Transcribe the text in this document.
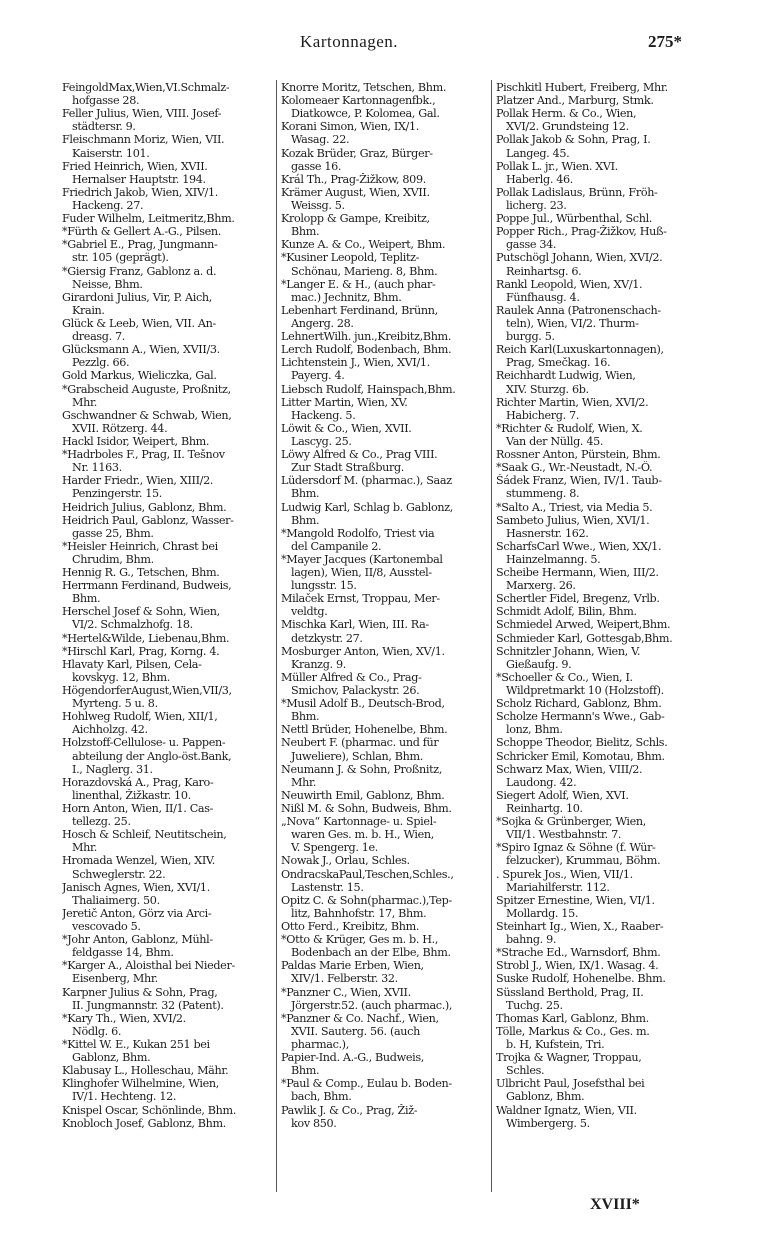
Kartonnagen.	275*
FeingoldMax,Wien,VI.Schmalz-
hofgasse 28.
Feller Julius, Wien, VIII. Josef-
städtersr. 9.
Fleischmann Moriz, Wien, VII.
Kaiserstr. 101.
Fried Heinrich, Wien, XVII.
Hernalser Hauptstr. 194.
Friedrich Jakob, Wien, XIV/1.
Hackeng. 27.
Fuder Wilhelm, Leitmeritz,Bhm.
*Fürth & Gellert A.-G., Pilsen.
*Gabriel E., Prag, Jungmann-
str. 105 (geprägt).
*Giersig Franz, Gablonz a. d.
Neisse, Bhm.
Girardoni Julius, Vir, P. Aich,
Krain.
Glück & Leeb, Wien, VII. An-
dreasg. 7.
Glücksmann A., Wien, XVII/3.
Pezzlg. 66.
Gold Markus, Wieliczka, Gal.
*Grabscheid Auguste, Proßnitz,
Mhr.
Gschwandner & Schwab, Wien,
XVII. Rötzerg. 44.
Hackl Isidor, Weipert, Bhm.
*Hadrboles F., Prag, II. Tešnov
Nr. 1163.
Harder Friedr., Wien, XIII/2.
Penzingerstr. 15.
Heidrich Julius, Gablonz, Bhm.
Heidrich Paul, Gablonz, Wasser-
gasse 25, Bhm.
*Heisler Heinrich, Chrast bei
Chrudim, Bhm.
Hennig R. G., Tetschen, Bhm.
Herrmann Ferdinand, Budweis,
Bhm.
Herschel Josef & Sohn, Wien,
VI/2. Schmalzhofg. 18.
*Hertel&Wilde, Liebenau,Bhm.
*Hirschl Karl, Prag, Korng. 4.
Hlavaty Karl, Pilsen, Cela-
kovskyg. 12, Bhm.
HögendorferAugust,Wien,VII/3,
Myrteng. 5 u. 8.
Hohlweg Rudolf, Wien, XII/1,
Aichholzg. 42.
Holzstoff-Cellulose- u. Pappen-
abteilung der Anglo-öst.Bank,
I., Naglerg. 31.
Horazdovská A., Prag, Karo-
linenthal, Žižkastr. 10.
Horn Anton, Wien, II/1. Cas-
tellezg. 25.
Hosch & Schleif, Neutitschein,
Mhr.
Hromada Wenzel, Wien, XIV.
Schweglerstr. 22.
Janisch Agnes, Wien, XVI/1.
Thaliaimerg. 50.
Jeretič Anton, Görz via Arci-
vescovado 5.
*Johr Anton, Gablonz, Mühl-
feldgasse 14, Bhm.
*Karger A., Aloisthal bei Nieder-
Eisenberg, Mhr.
Karpner Julius & Sohn, Prag,
II. Jungmannstr. 32 (Patent).
*Kary Th., Wien, XVI/2.
Nödlg. 6.
*Kittel W. E., Kukan 251 bei
Gablonz, Bhm.
Klabusay L., Holleschau, Mähr.
Klinghofer Wilhelmine, Wien,
IV/1. Hechteng. 12.
Knispel Oscar, Schönlinde, Bhm.
Knobloch Josef, Gablonz, Bhm.
Knorre Moritz, Tetschen, Bhm.
Kolomeaer Kartonnagenfbk.,
Diatkowce, P. Kolomea, Gal.
Korani Simon, Wien, IX/1.
Wasag. 22.
Kozak Brüder, Graz, Bürger-
gasse 16.
Král Th., Prag-Žižkow, 809.
Krämer August, Wien, XVII.
Weissg. 5.
Krolopp & Gampe, Kreibitz,
Bhm.
Kunze A. & Co., Weipert, Bhm.
*Kusiner Leopold, Teplitz-
Schönau, Marieng. 8, Bhm.
*Langer E. & H., (auch phar-
mac.) Jechnitz, Bhm.
Lebenhart Ferdinand, Brünn,
Angerg. 28.
LehnertWilh. jun.,Kreibitz,Bhm.
Lerch Rudolf, Bodenbach, Bhm.
Lichtenstein J., Wien, XVI/1.
Payerg. 4.
Liebsch Rudolf, Hainspach,Bhm.
Litter Martin, Wien, XV.
Hackeng. 5.
Löwit & Co., Wien, XVII.
Lascyg. 25.
Löwy Alfred & Co., Prag VIII.
Zur Stadt Straßburg.
Lüdersdorf M. (pharmac.), Saaz
Bhm.
Ludwig Karl, Schlag b. Gablonz,
Bhm.
*Mangold Rodolfo, Triest via
del Campanile 2.
*Mayer Jacques (Kartonembal
lagen), Wien, II/8, Ausstel-
lungsstr. 15.
Milaček Ernst, Troppau, Mer-
veldtg.
Mischka Karl, Wien, III. Ra-
detzkystr. 27.
Mosburger Anton, Wien, XV/1.
Kranzg. 9.
Müller Alfred & Co., Prag-
Smichov, Palackystr. 26.
*Musil Adolf B., Deutsch-Brod,
Bhm.
Nettl Brüder, Hohenelbe, Bhm.
Neubert F. (pharmac. und für
Juweliere), Schlan, Bhm.
Neumann J. & Sohn, Proßnitz,
Mhr.
Neuwirth Emil, Gablonz, Bhm.
Nißl M. & Sohn, Budweis, Bhm.
„Nova“ Kartonnage- u. Spiel-
waren Ges. m. b. H., Wien,
V. Spengerg. 1e.
Nowak J., Orlau, Schles.
OndracskaPaul,Teschen,Schles.,
Lastenstr. 15.
Opitz C. & Sohn(pharmac.),Tep-
litz, Bahnhofstr. 17, Bhm.
Otto Ferd., Kreibitz, Bhm.
*Otto & Krüger, Ges m. b. H.,
Bodenbach an der Elbe, Bhm.
Paldas Marie Erben, Wien,
XIV/1. Felberstr. 32.
*Panzner C., Wien, XVII.
Jörgerstr.52. (auch pharmac.),
*Panzner & Co. Nachf., Wien,
XVII. Sauterg. 56. (auch
pharmac.),
Papier-Ind. A.-G., Budweis,
Bhm.
*Paul & Comp., Eulau b. Boden-
bach, Bhm.
Pawlik J. & Co., Prag, Žiž-
kov 850.
Pischkitl Hubert, Freiberg, Mhr.
Platzer And., Marburg, Stmk.
Pollak Herm. & Co., Wien,
XVI/2. Grundsteing 12.
Pollak Jakob & Sohn, Prag, I.
Langeg. 45.
Pollak L. jr., Wien. XVI.
Haberlg. 46.
Pollak Ladislaus, Brünn, Fröh-
licherg. 23.
Poppe Jul., Würbenthal, Schl.
Popper Rich., Prag-Žižkov, Huß-
gasse 34.
Putschögl Johann, Wien, XVI/2.
Reinhartsg. 6.
Rankl Leopold, Wien, XV/1.
Fünfhausg. 4.
Raulek Anna (Patronenschach-
teln), Wien, VI/2. Thurm-
burgg. 5.
Reich Karl(Luxuskartonnagen),
Prag, Smečkag. 16.
Reichhardt Ludwig, Wien,
XIV. Sturzg. 6b.
Richter Martin, Wien, XVI/2.
Habicherg. 7.
*Richter & Rudolf, Wien, X.
Van der Nüllg. 45.
Rossner Anton, Pürstein, Bhm.
*Saak G., Wr.-Neustadt, N.-Ö.
Šádek Franz, Wien, IV/1. Taub-
stummeng. 8.
*Salto A., Triest, via Media 5.
Sambeto Julius, Wien, XVI/1.
Hasnerstr. 162.
ScharfsCarl Wwe., Wien, XX/1.
Hainzelmanng. 5.
Scheibe Hermann, Wien, III/2.
Marxerg. 26.
Schertler Fidel, Bregenz, Vrlb.
Schmidt Adolf, Bilin, Bhm.
Schmiedel Arwed, Weipert,Bhm.
Schmieder Karl, Gottesgab,Bhm.
Schnitzler Johann, Wien, V.
Gießaufg. 9.
*Schoeller & Co., Wien, I.
Wildpretmarkt 10 (Holzstoff).
Scholz Richard, Gablonz, Bhm.
Scholze Hermann's Wwe., Gab-
lonz, Bhm.
Schoppe Theodor, Bielitz, Schls.
Schricker Emil, Komotau, Bhm.
Schwarz Max, Wien, VIII/2.
Laudong. 42.
Siegert Adolf, Wien, XVI.
Reinhartg. 10.
*Sojka & Grünberger, Wien,
VII/1. Westbahnstr. 7.
*Spiro Ignaz & Söhne (f. Wür-
felzucker), Krummau, Böhm.
. Spurek Jos., Wien, VII/1.
Mariahilferstr. 112.
Spitzer Ernestine, Wien, VI/1.
Mollardg. 15.
Steinhart Ig., Wien, X., Raaber-
bahng. 9.
*Strache Ed., Warnsdorf, Bhm.
Strobl J., Wien, IX/1. Wasag. 4.
Suske Rudolf, Hohenelbe. Bhm.
Süssland Berthold, Prag, II.
Tuchg. 25.
Thomas Karl, Gablonz, Bhm.
Tölle, Markus & Co., Ges. m.
b. H, Kufstein, Tri.
Trojka & Wagner, Troppau,
Schles.
Ulbricht Paul, Josefsthal bei
Gablonz, Bhm.
Waldner Ignatz, Wien, VII.
Wimbergerg. 5.
XVIII*
